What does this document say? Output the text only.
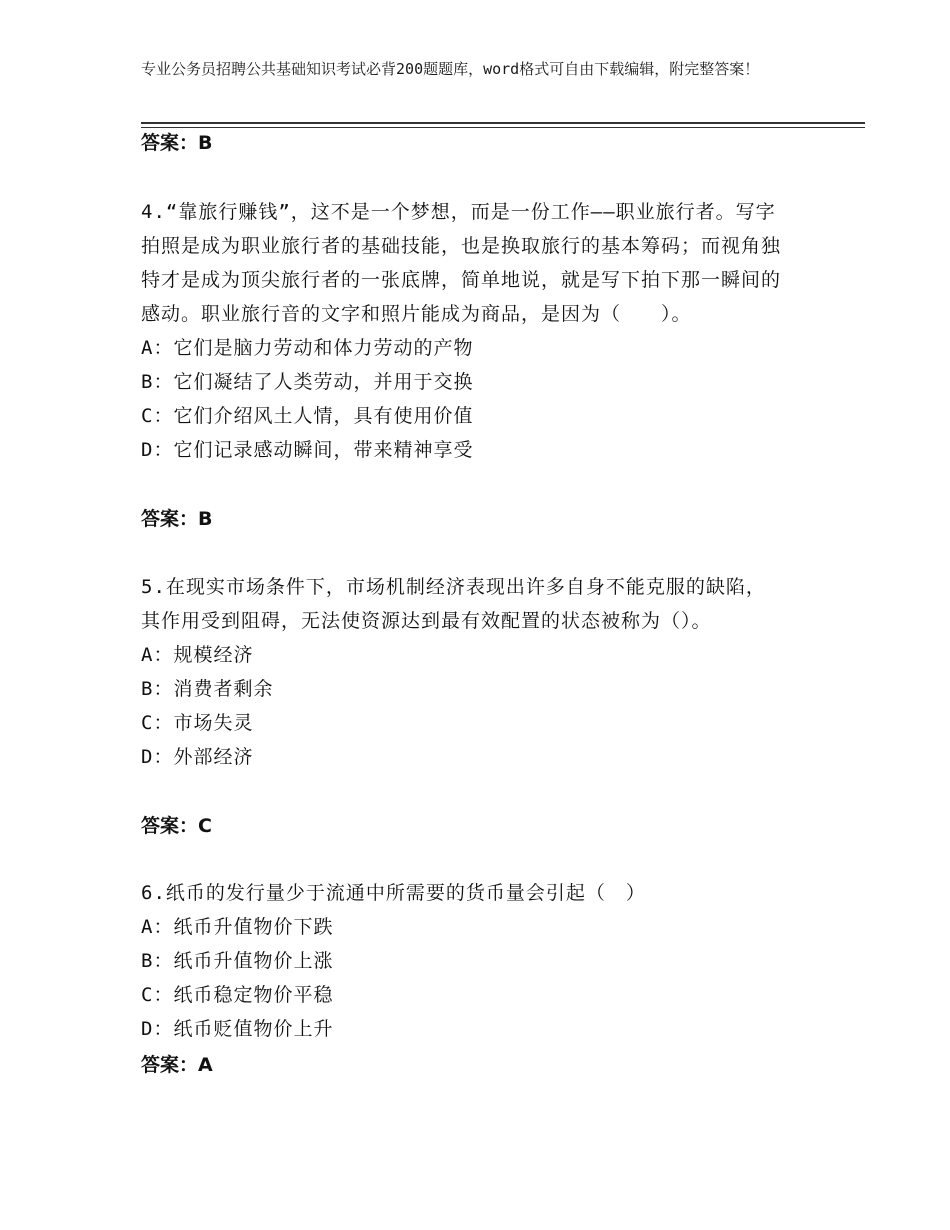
专业公务员招聘公共基础知识考试必背200题题库，word格式可自由下载编辑，附完整答案！
答案：B

4.“靠旅行赚钱”，这不是一个梦想，而是一份工作——职业旅行者。写字拍照是成为职业旅行者的基础技能，也是换取旅行的基本筹码；而视角独特才是成为顶尖旅行者的一张底牌，简单地说，就是写下拍下那一瞬间的感动。职业旅行音的文字和照片能成为商品，是因为（　　）。

A：它们是脑力劳动和体力劳动的产物

B：它们凝结了人类劳动，并用于交换

C：它们介绍风土人情，具有使用价值

D：它们记录感动瞬间，带来精神享受

答案：B

5.在现实市场条件下，市场机制经济表现出许多自身不能克服的缺陷，其作用受到阻碍，无法使资源达到最有效配置的状态被称为（）。

A：规模经济

B：消费者剩余

C：市场失灵

D：外部经济

答案：C

6.纸币的发行量少于流通中所需要的货币量会引起（　）

A：纸币升值物价下跌

B：纸币升值物价上涨

C：纸币稳定物价平稳

D：纸币贬值物价上升

答案：A
